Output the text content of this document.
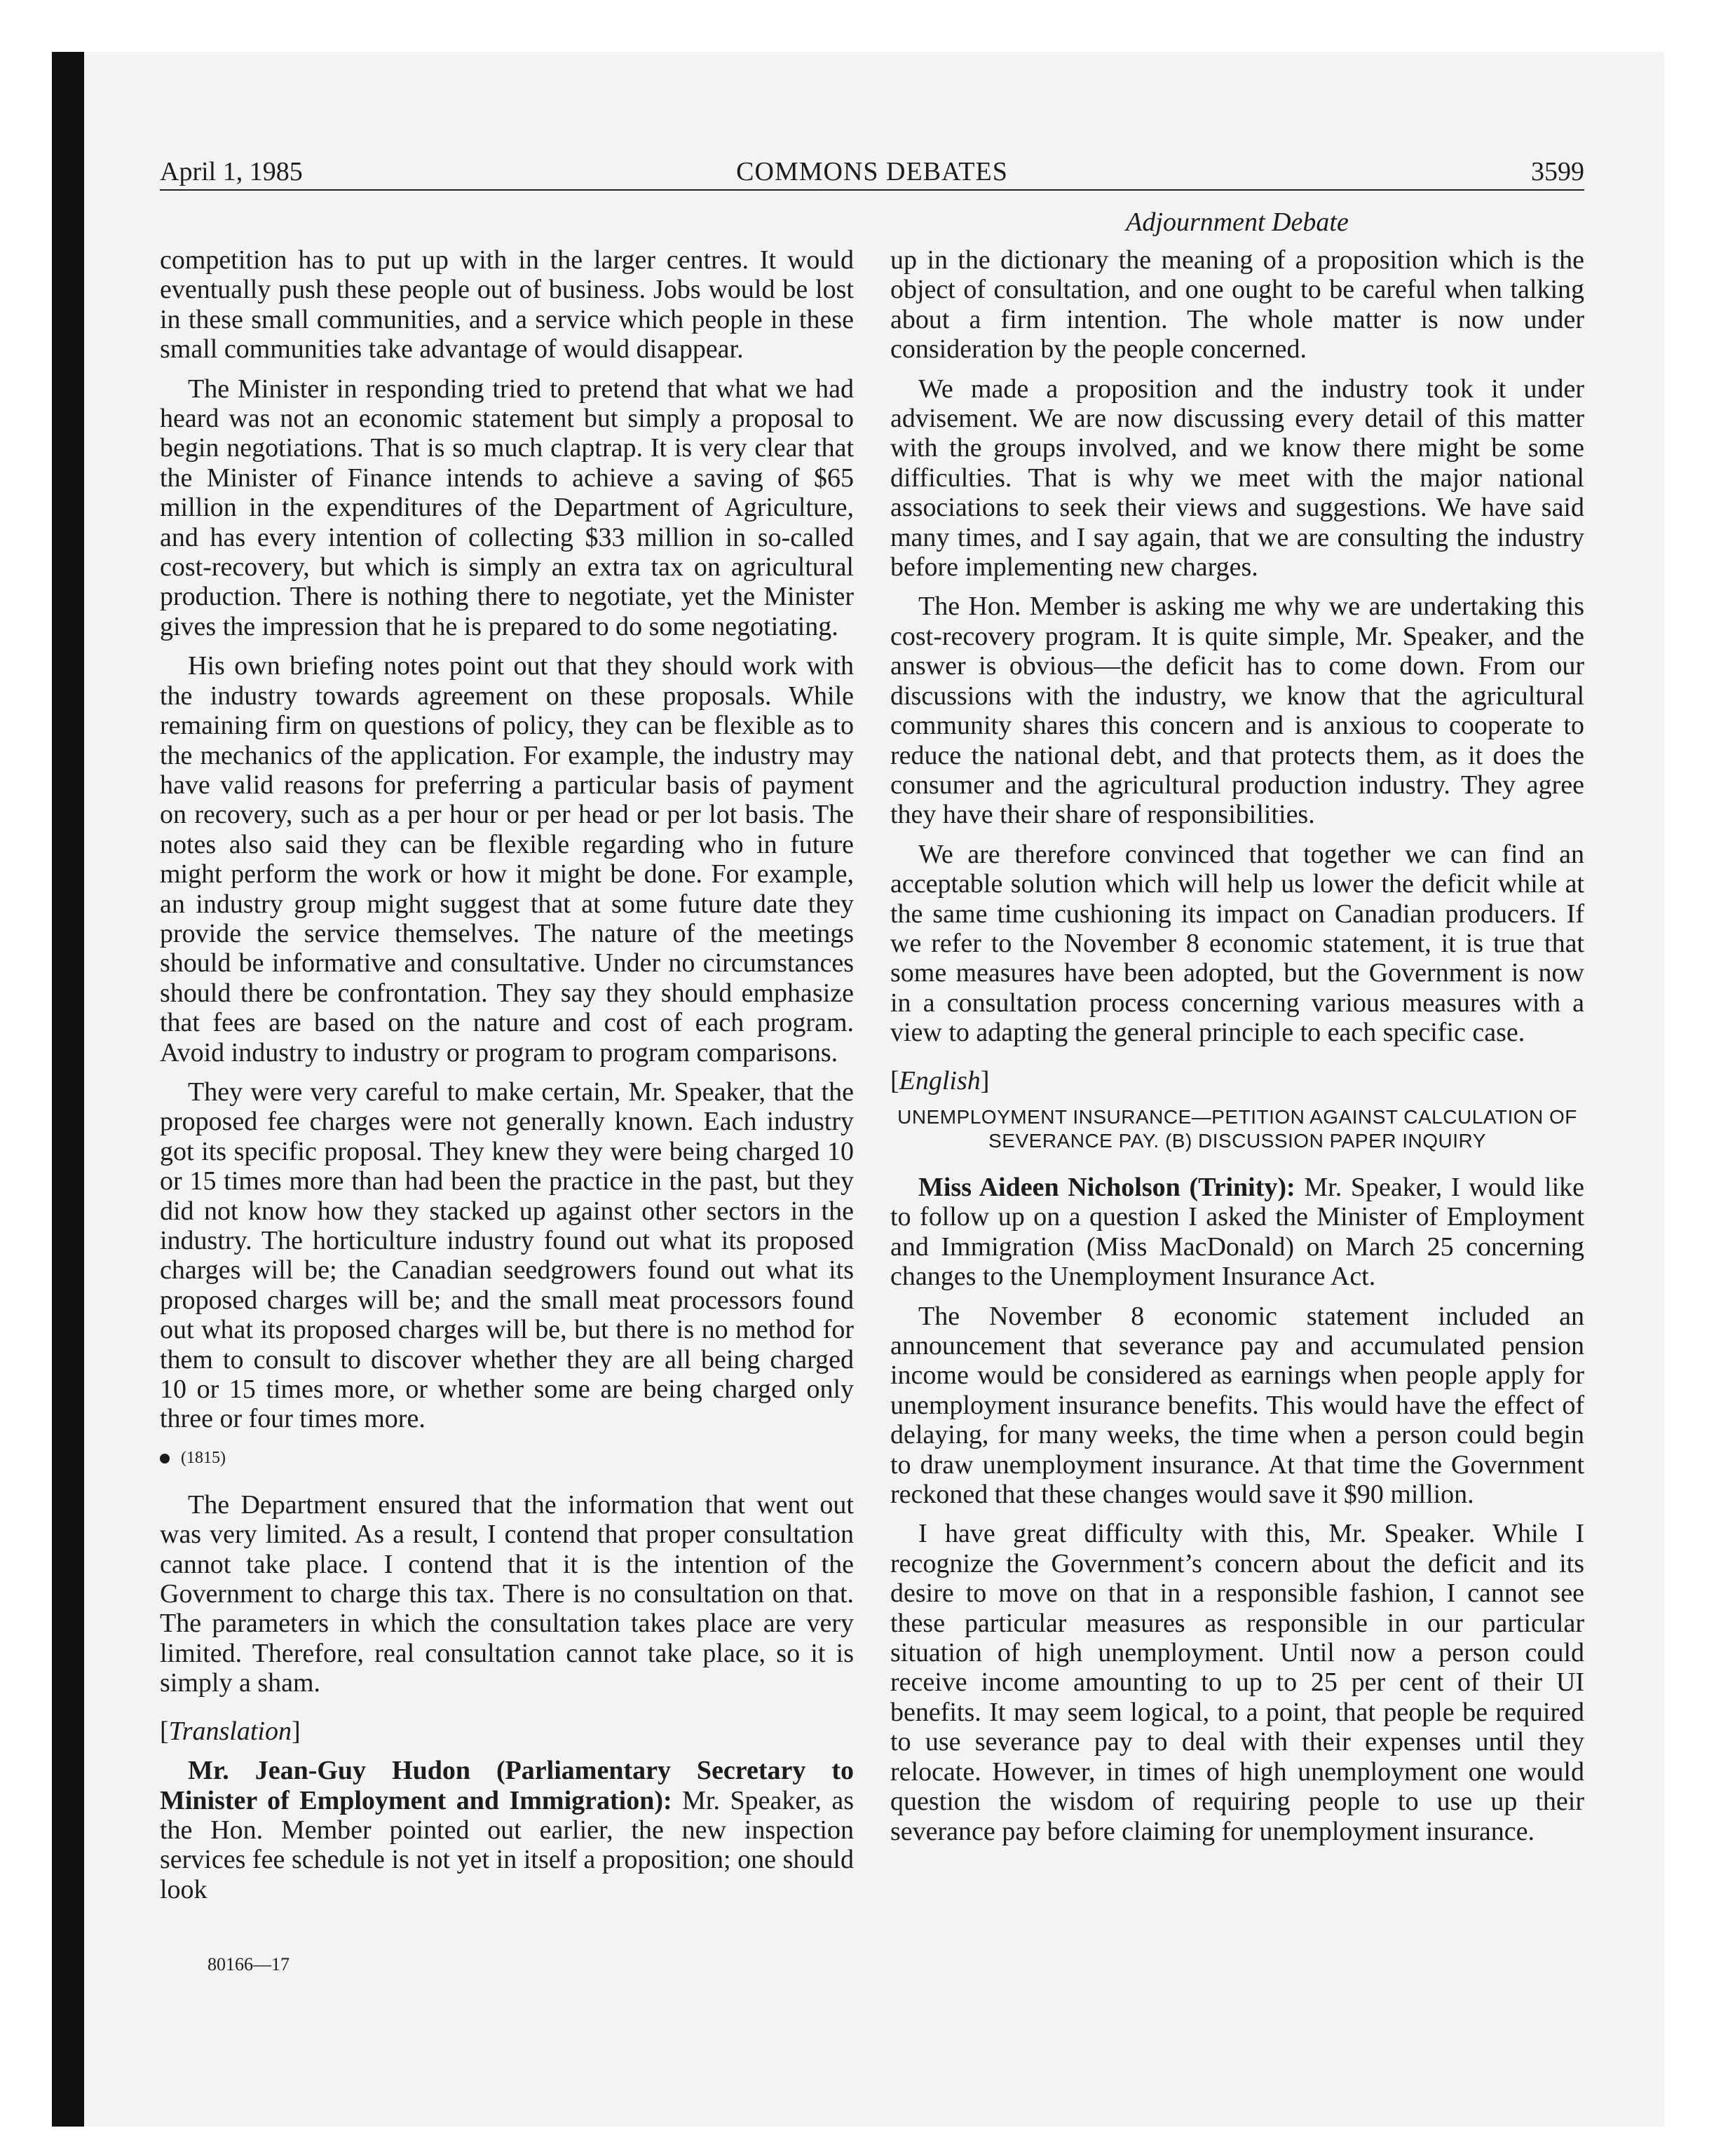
April 1, 1985	COMMONS DEBATES	3599
Adjournment Debate

competition has to put up with in the larger centres. It would eventually push these people out of business. Jobs would be lost in these small communities, and a service which people in these small communities take advantage of would disappear.

The Minister in responding tried to pretend that what we had heard was not an economic statement but simply a proposal to begin negotiations. That is so much claptrap. It is very clear that the Minister of Finance intends to achieve a saving of $65 million in the expenditures of the Department of Agriculture, and has every intention of collecting $33 million in so-called cost-recovery, but which is simply an extra tax on agricultural production. There is nothing there to negotiate, yet the Minister gives the impression that he is prepared to do some negotiating.

His own briefing notes point out that they should work with the industry towards agreement on these proposals. While remaining firm on questions of policy, they can be flexible as to the mechanics of the application. For example, the industry may have valid reasons for preferring a particular basis of payment on recovery, such as a per hour or per head or per lot basis. The notes also said they can be flexible regarding who in future might perform the work or how it might be done. For example, an industry group might suggest that at some future date they provide the service themselves. The nature of the meetings should be informative and consultative. Under no circumstances should there be confrontation. They say they should emphasize that fees are based on the nature and cost of each program. Avoid industry to industry or program to program comparisons.

They were very careful to make certain, Mr. Speaker, that the proposed fee charges were not generally known. Each industry got its specific proposal. They knew they were being charged 10 or 15 times more than had been the practice in the past, but they did not know how they stacked up against other sectors in the industry. The horticulture industry found out what its proposed charges will be; the Canadian seedgrowers found out what its proposed charges will be; and the small meat processors found out what its proposed charges will be, but there is no method for them to consult to discover whether they are all being charged 10 or 15 times more, or whether some are being charged only three or four times more.

(1815)

The Department ensured that the information that went out was very limited. As a result, I contend that proper consultation cannot take place. I contend that it is the intention of the Government to charge this tax. There is no consultation on that. The parameters in which the consultation takes place are very limited. Therefore, real consultation cannot take place, so it is simply a sham.

[Translation]

Mr. Jean-Guy Hudon (Parliamentary Secretary to Minister of Employment and Immigration): Mr. Speaker, as the Hon. Member pointed out earlier, the new inspection services fee schedule is not yet in itself a proposition; one should look

up in the dictionary the meaning of a proposition which is the object of consultation, and one ought to be careful when talking about a firm intention. The whole matter is now under consideration by the people concerned.

We made a proposition and the industry took it under advisement. We are now discussing every detail of this matter with the groups involved, and we know there might be some difficulties. That is why we meet with the major national associations to seek their views and suggestions. We have said many times, and I say again, that we are consulting the industry before implementing new charges.

The Hon. Member is asking me why we are undertaking this cost-recovery program. It is quite simple, Mr. Speaker, and the answer is obvious—the deficit has to come down. From our discussions with the industry, we know that the agricultural community shares this concern and is anxious to cooperate to reduce the national debt, and that protects them, as it does the consumer and the agricultural production industry. They agree they have their share of responsibilities.

We are therefore convinced that together we can find an acceptable solution which will help us lower the deficit while at the same time cushioning its impact on Canadian producers. If we refer to the November 8 economic statement, it is true that some measures have been adopted, but the Government is now in a consultation process concerning various measures with a view to adapting the general principle to each specific case.

[English]

UNEMPLOYMENT INSURANCE—PETITION AGAINST CALCULATION OF SEVERANCE PAY. (B) DISCUSSION PAPER INQUIRY

Miss Aideen Nicholson (Trinity): Mr. Speaker, I would like to follow up on a question I asked the Minister of Employment and Immigration (Miss MacDonald) on March 25 concerning changes to the Unemployment Insurance Act.

The November 8 economic statement included an announcement that severance pay and accumulated pension income would be considered as earnings when people apply for unemployment insurance benefits. This would have the effect of delaying, for many weeks, the time when a person could begin to draw unemployment insurance. At that time the Government reckoned that these changes would save it $90 million.

I have great difficulty with this, Mr. Speaker. While I recognize the Government’s concern about the deficit and its desire to move on that in a responsible fashion, I cannot see these particular measures as responsible in our particular situation of high unemployment. Until now a person could receive income amounting to up to 25 per cent of their UI benefits. It may seem logical, to a point, that people be required to use severance pay to deal with their expenses until they relocate. However, in times of high unemployment one would question the wisdom of requiring people to use up their severance pay before claiming for unemployment insurance.

80166—17
